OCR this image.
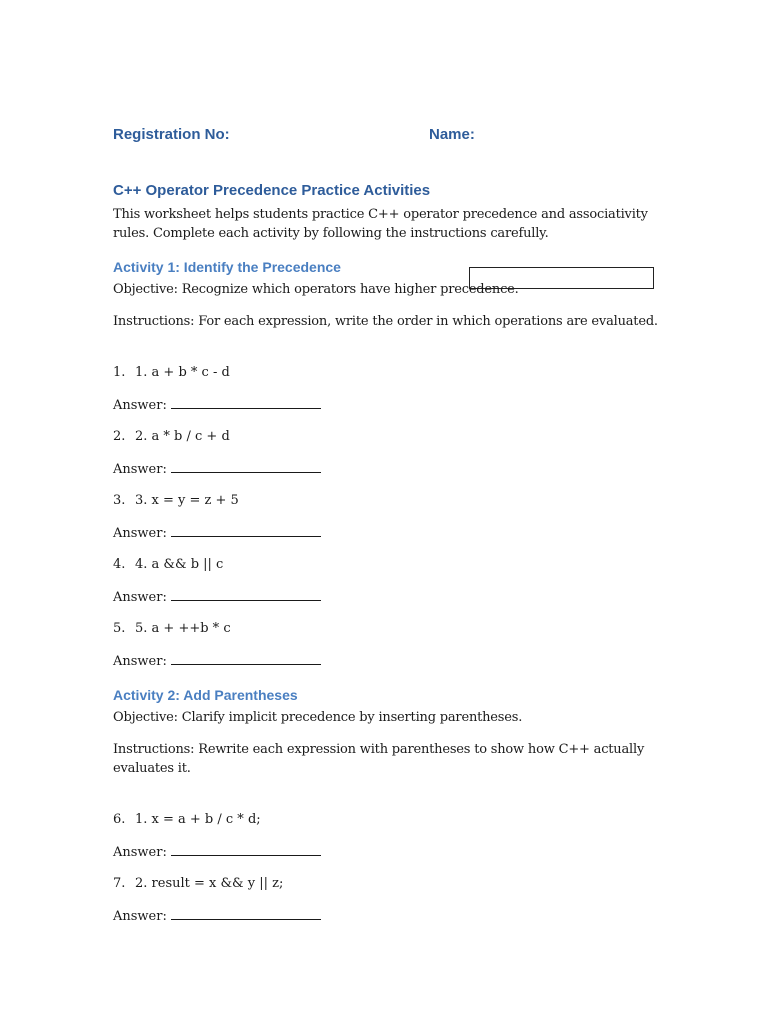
Registration No:	Name:
C++ Operator Precedence Practice Activities
This worksheet helps students practice C++ operator precedence and associativity rules. Complete each activity by following the instructions carefully.
Activity 1: Identify the Precedence
Objective: Recognize which operators have higher precedence.
Instructions: For each expression, write the order in which operations are evaluated.
1. 1. a + b * c - d
Answer:
2. 2. a * b / c + d
Answer:
3. 3. x = y = z + 5
Answer:
4. 4. a && b || c
Answer:
5. 5. a + ++b * c
Answer:
Activity 2: Add Parentheses
Objective: Clarify implicit precedence by inserting parentheses.
Instructions: Rewrite each expression with parentheses to show how C++ actually evaluates it.
6. 1. x = a + b / c * d;
Answer:
7. 2. result = x && y || z;
Answer:
